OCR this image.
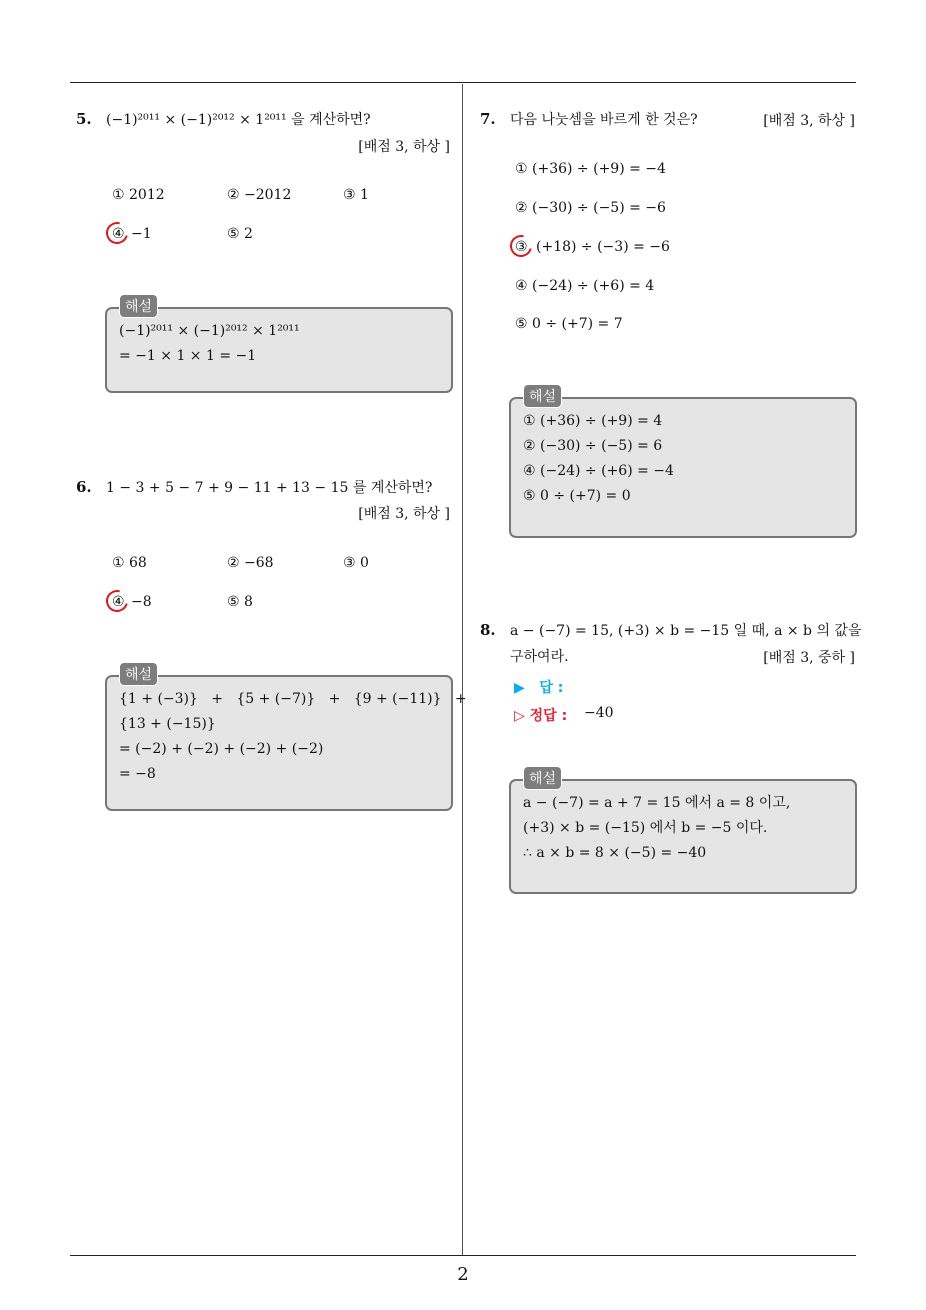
2
5. (−1)²⁰¹¹ × (−1)²⁰¹² × 1²⁰¹¹ 을 계산하면?
[배점 3, 하상 ]
① 2012	② −2012	③ 1
④ −1	⑤ 2
(−1)²⁰¹¹ × (−1)²⁰¹² × 1²⁰¹¹
= −1 × 1 × 1 = −1
해설
6. 1 − 3 + 5 − 7 + 9 − 11 + 13 − 15 를 계산하면?
[배점 3, 하상 ]
① 68	② −68	③ 0
④ −8	⑤ 8
{1 + (−3)}   +   {5 + (−7)}   +   {9 + (−11)}   +
{13 + (−15)}
= (−2) + (−2) + (−2) + (−2)
= −8
해설
7. 다음 나눗셈을 바르게 한 것은?	[배점 3, 하상 ]
① (+36) ÷ (+9) = −4
② (−30) ÷ (−5) = −6
③ (+18) ÷ (−3) = −6
④ (−24) ÷ (+6) = 4
⑤ 0 ÷ (+7) = 7
① (+36) ÷ (+9) = 4
② (−30) ÷ (−5) = 6
④ (−24) ÷ (+6) = −4
⑤ 0 ÷ (+7) = 0
해설
8. a − (−7) = 15, (+3) × b = −15 일 때, a × b 의 값을
구하여라.	[배점 3, 중하 ]
▶   답 :
▷ 정답 : −40
a − (−7) = a + 7 = 15 에서 a = 8 이고,
(+3) × b = (−15) 에서 b = −5 이다.
∴ a × b = 8 × (−5) = −40
해설
